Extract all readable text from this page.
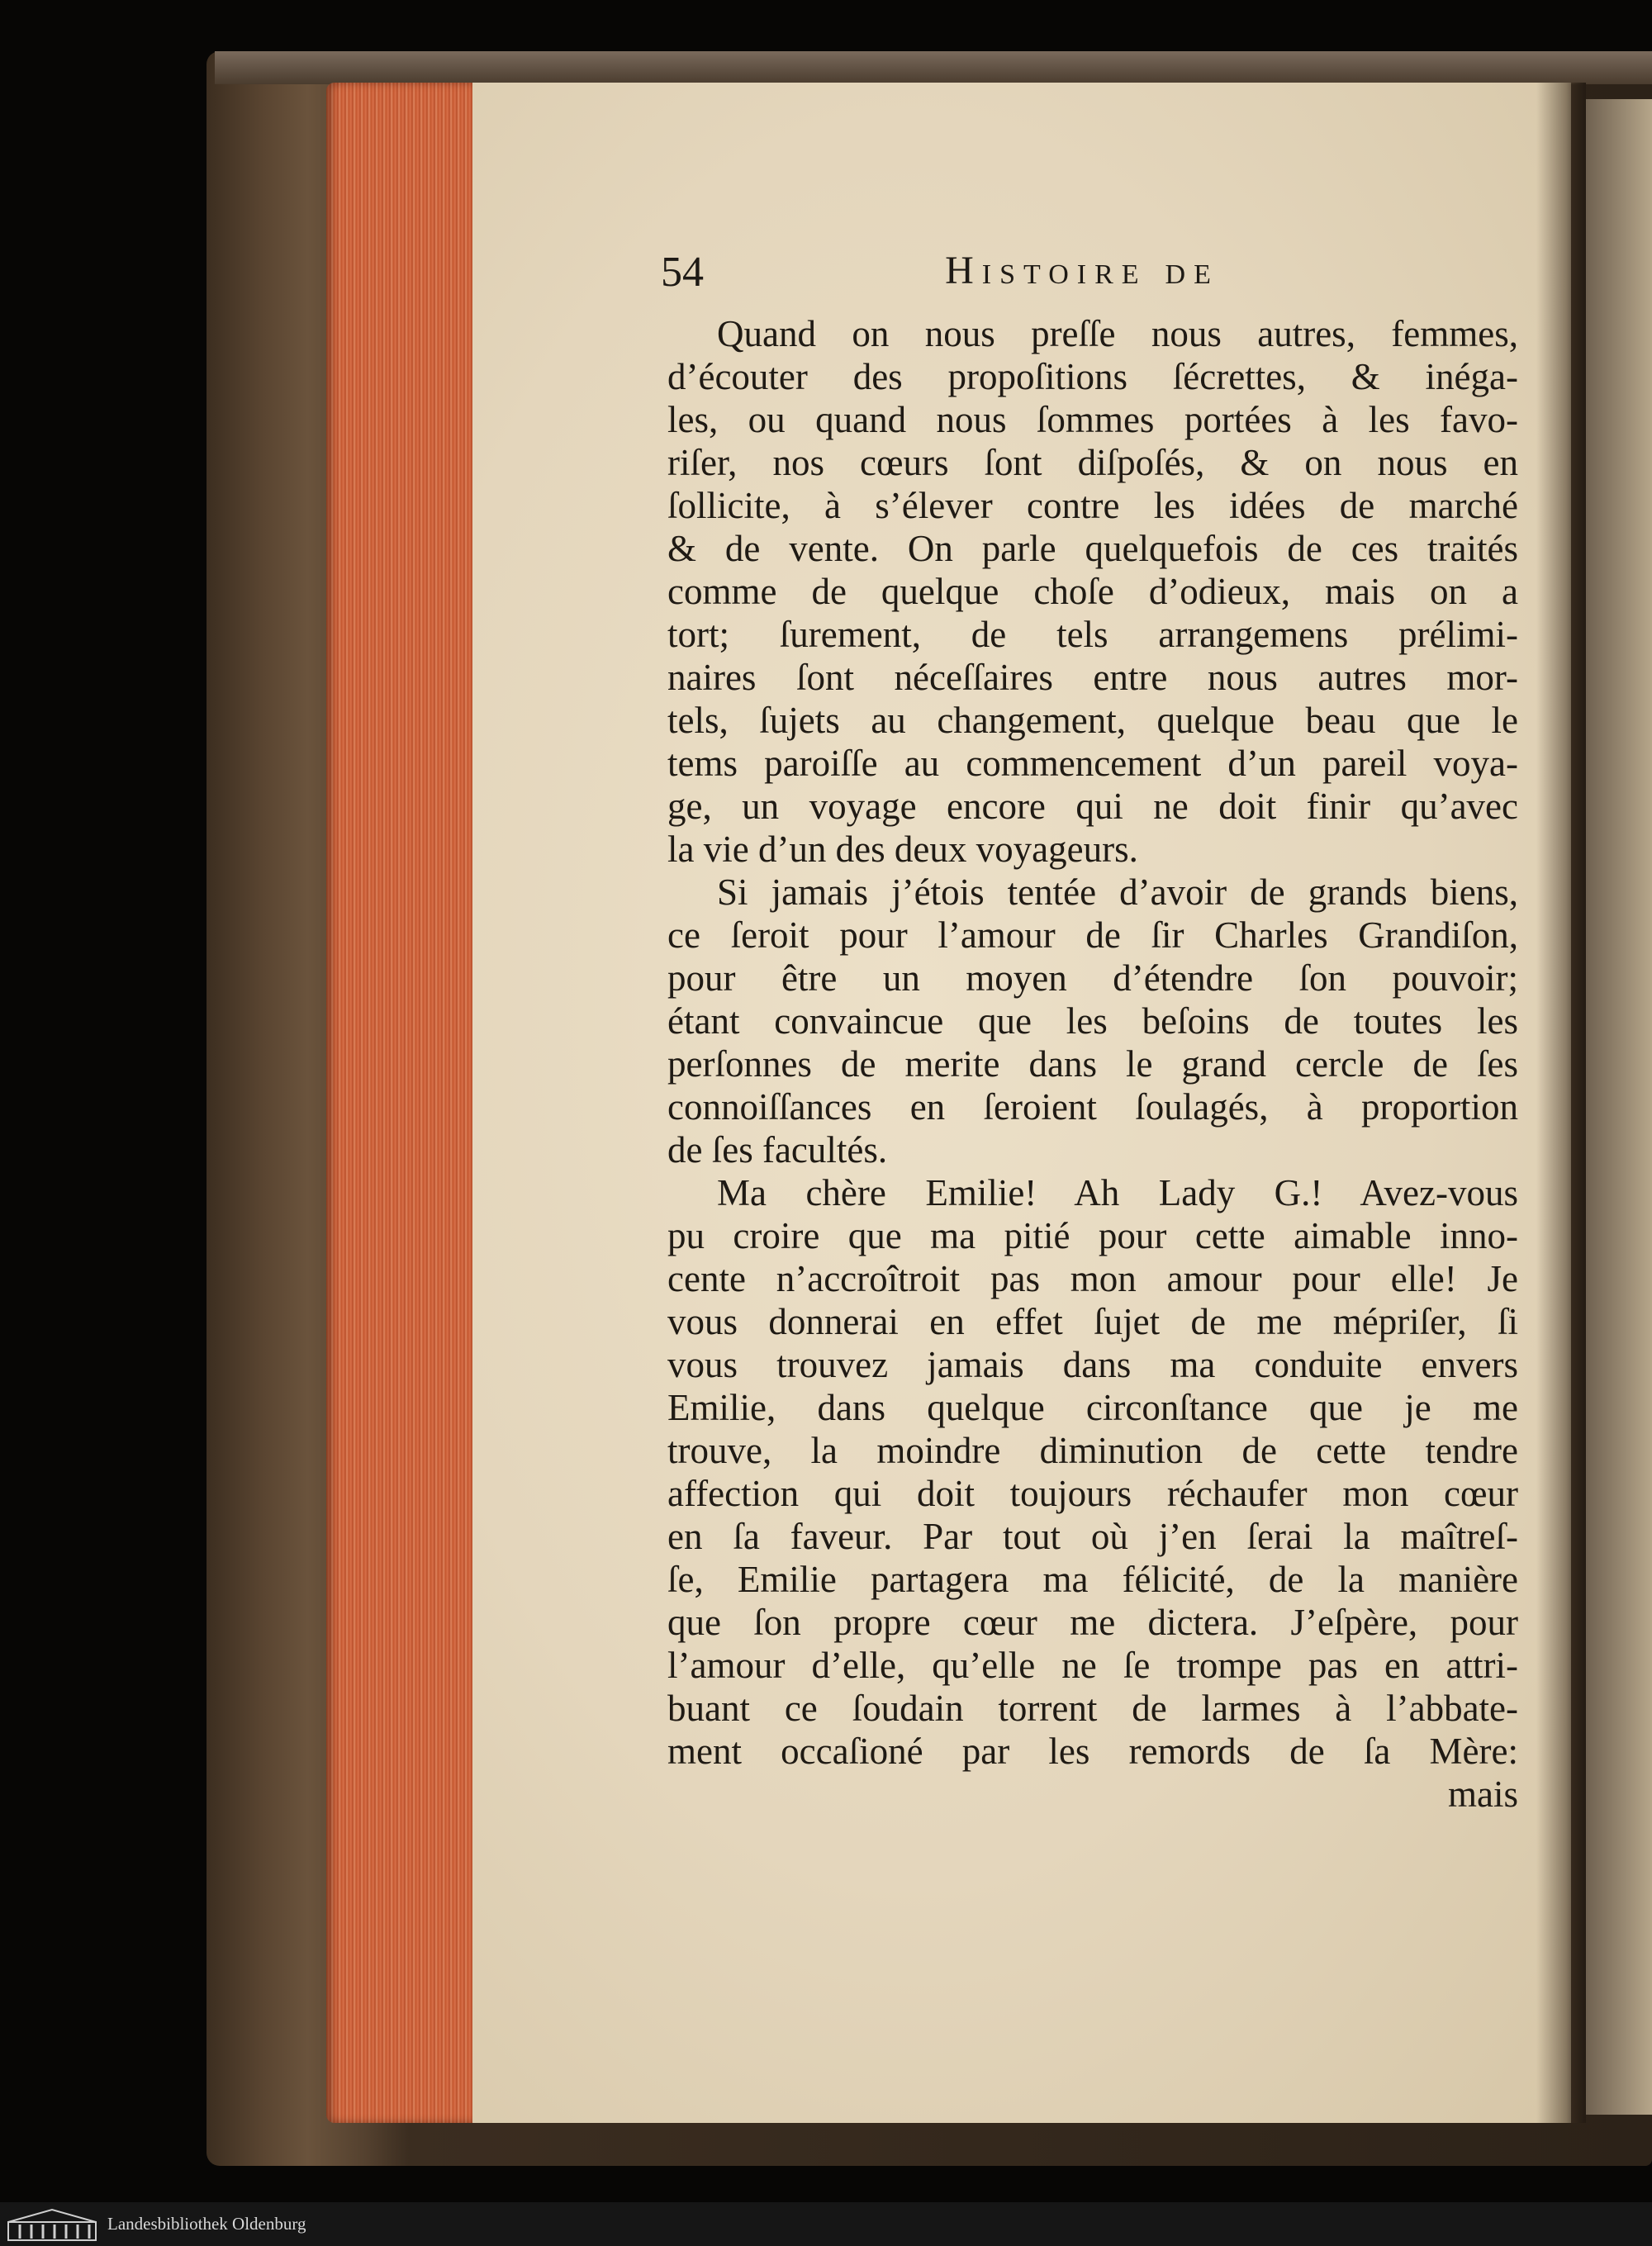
54	Histoire de
Quand on nous preſſe nous autres, femmes,
d’écouter des propoſitions ſécrettes, & inéga-
les, ou quand nous ſommes portées à les favo-
riſer, nos cœurs ſont diſpoſés, & on nous en
ſollicite, à s’élever contre les idées de marché
& de vente. On parle quelquefois de ces traités
comme de quelque choſe d’odieux, mais on a
tort; ſurement, de tels arrangemens prélimi-
naires ſont néceſſaires entre nous autres mor-
tels, ſujets au changement, quelque beau que le
tems paroiſſe au commencement d’un pareil voya-
ge, un voyage encore qui ne doit finir qu’avec
la vie d’un des deux voyageurs.
Si jamais j’étois tentée d’avoir de grands biens,
ce ſeroit pour l’amour de ſir Charles Grandiſon,
pour être un moyen d’étendre ſon pouvoir;
étant convaincue que les beſoins de toutes les
perſonnes de merite dans le grand cercle de ſes
connoiſſances en ſeroient ſoulagés, à proportion
de ſes facultés.
Ma chère Emilie! Ah Lady G.! Avez-vous
pu croire que ma pitié pour cette aimable inno-
cente n’accroîtroit pas mon amour pour elle! Je
vous donnerai en effet ſujet de me mépriſer, ſi
vous trouvez jamais dans ma conduite envers
Emilie, dans quelque circonſtance que je me
trouve, la moindre diminution de cette tendre
affection qui doit toujours réchaufer mon cœur
en ſa faveur. Par tout où j’en ſerai la maîtreſ-
ſe, Emilie partagera ma félicité, de la manière
que ſon propre cœur me dictera. J’eſpère, pour
l’amour d’elle, qu’elle ne ſe trompe pas en attri-
buant ce ſoudain torrent de larmes à l’abbate-
ment occaſioné par les remords de ſa Mère:
mais
Landesbibliothek Oldenburg
